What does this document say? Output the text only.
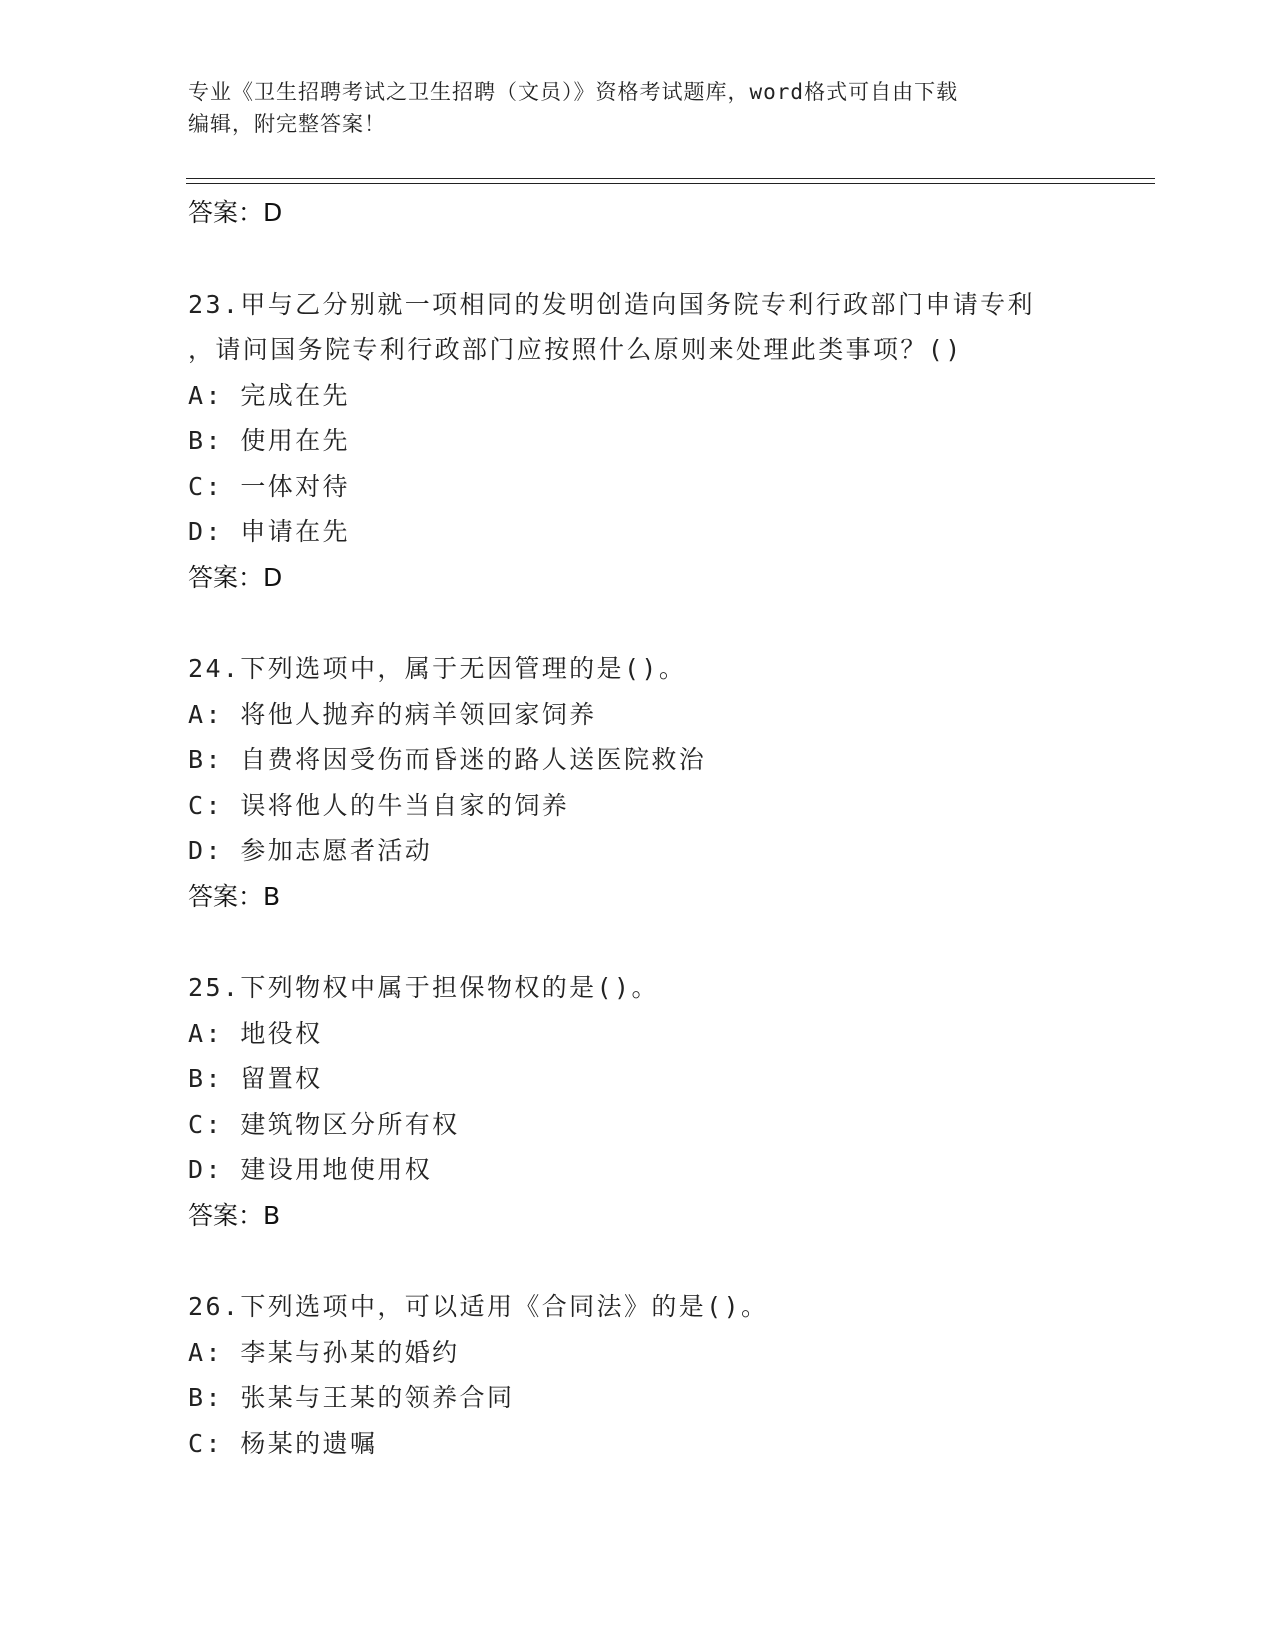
专业《卫生招聘考试之卫生招聘（文员）》资格考试题库，word格式可自由下载
编辑，附完整答案！
答案：D
23.甲与乙分别就一项相同的发明创造向国务院专利行政部门申请专利
，请问国务院专利行政部门应按照什么原则来处理此类事项？()
A: 完成在先
B: 使用在先
C: 一体对待
D: 申请在先
答案：D
24.下列选项中，属于无因管理的是()。
A: 将他人抛弃的病羊领回家饲养
B: 自费将因受伤而昏迷的路人送医院救治
C: 误将他人的牛当自家的饲养
D: 参加志愿者活动
答案：B
25.下列物权中属于担保物权的是()。
A: 地役权
B: 留置权
C: 建筑物区分所有权
D: 建设用地使用权
答案：B
26.下列选项中，可以适用《合同法》的是()。
A: 李某与孙某的婚约
B: 张某与王某的领养合同
C: 杨某的遗嘱
